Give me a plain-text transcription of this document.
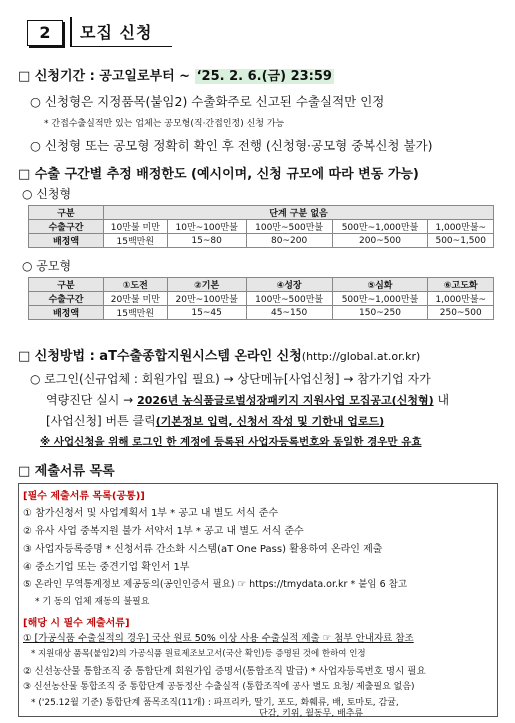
2	모집 신청
□ 신청기간 : 공고일로부터 ~ ‘25. 2. 6.(금) 23:59
○ 신청형은 지정품목(붙임2) 수출화주로 신고된 수출실적만 인정
* 간접수출실적만 있는 업체는 공모형(직·간접인정) 신청 가능
○ 신청형 또는 공모형 정확히 확인 후 전행 (신청형·공모형 중복신청 불가)
□ 수출 구간별 추정 배정한도 (예시이며, 신청 규모에 따라 변동 가능)
○ 신청형
구분	단계 구분 없음				
수출구간	10만불 미만	10만~100만불	100만~500만불	500만~1,000만불	1,000만불~
배정액	15백만원	15~80	80~200	200~500	500~1,500
○ 공모형
구분	①도전	②기본	④성장	⑤심화	⑥고도화
수출구간	20만불 미만	20만~100만불	100만~500만불	500만~1,000만불	1,000만불~
배정액	15백만원	15~45	45~150	150~250	250~500
□ 신청방법 : aT수출종합지원시스템 온라인 신청(http://global.at.or.kr)
○ 로그인(신규업체 : 회원가입 필요) → 상단메뉴[사업신청] → 참가기업 자가
역량진단 실시 → 2026년 농식품글로벌성장패키지 지원사업 모집공고(신청형) 내
[사업신청] 버튼 클릭(기본정보 입력, 신청서 작성 및 기한내 업로드)
※ 사업신청을 위해 로그인 한 계정에 등록된 사업자등록번호와 동일한 경우만 유효
□ 제출서류 목록
[필수 제출서류 목록(공통)]
① 참가신청서 및 사업계획서 1부 * 공고 내 별도 서식 준수
② 유사 사업 중복지원 불가 서약서 1부 * 공고 내 별도 서식 준수
③ 사업자등록증명 * 신청서류 간소화 시스템(aT One Pass) 활용하여 온라인 제출
④ 중소기업 또는 중견기업 확인서 1부
⑤ 온라인 무역통계정보 제공동의(공인인증서 필요) ☞ https://tmydata.or.kr * 붙임 6 참고
* 기 동의 업체 재동의 불필요
[해당 시 필수 제출서류]
① [가공식품 수출실적의 경우] 국산 원료 50% 이상 사용 수출실적 제출 ☞ 첨부 안내자료 참조
* 지원대상 품목(붙임2)의 가공식품 원료제조보고서(국산 확인)등 증명된 것에 한하여 인정
② 신선농산물 통합조직 중 통합단계 회원가입 증명서(통합조직 발급) * 사업자등록번호 명시 필요
③ 신선농산물 통합조직 중 통합단계 공동정산 수출실적 (통합조직에 공사 별도 요청/ 제출필요 없음)
* ('25.12월 기준) 통합단계 품목조직(11개) : 파프리카, 딸기, 포도, 화훼류, 배, 토마토, 감귤,
단감, 키위, 월동무, 배추류
